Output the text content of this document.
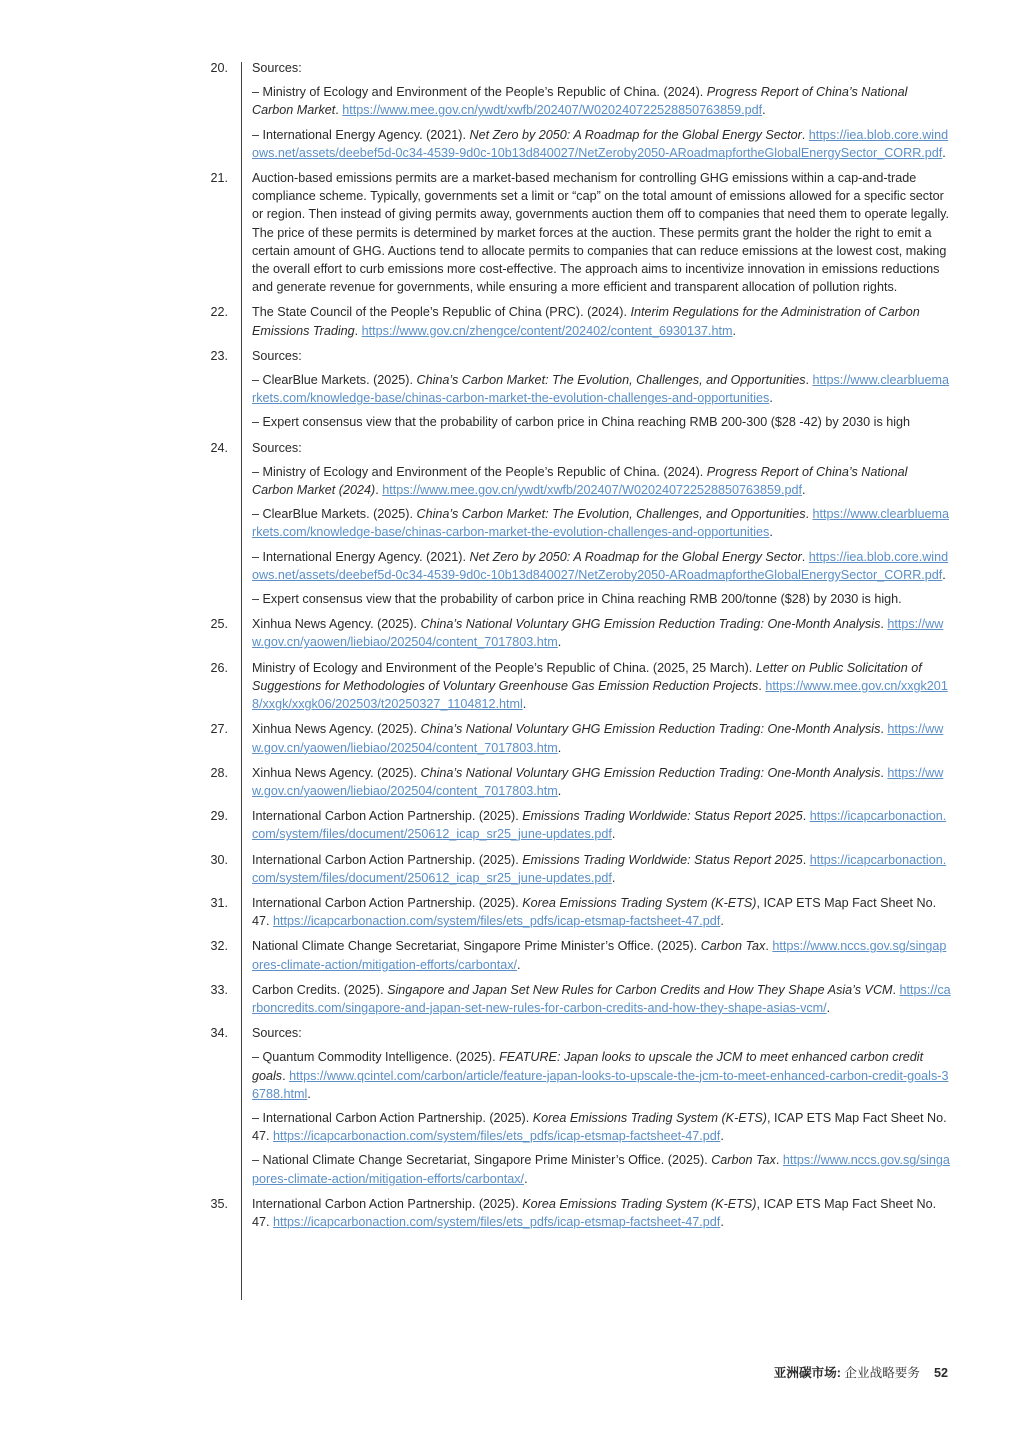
20. Sources:
– Ministry of Ecology and Environment of the People’s Republic of China. (2024). Progress Report of China’s National Carbon Market. https://www.mee.gov.cn/ywdt/xwfb/202407/W020240722528850763859.pdf.
– International Energy Agency. (2021). Net Zero by 2050: A Roadmap for the Global Energy Sector. https://iea.blob.core.windows.net/assets/deebef5d-0c34-4539-9d0c-10b13d840027/NetZeroby2050-ARoadmapfortheGlobalEnergySector_CORR.pdf.
21. Auction-based emissions permits are a market-based mechanism for controlling GHG emissions within a cap-and-trade compliance scheme. Typically, governments set a limit or “cap” on the total amount of emissions allowed for a specific sector or region. Then instead of giving permits away, governments auction them off to companies that need them to operate legally. The price of these permits is determined by market forces at the auction. These permits grant the holder the right to emit a certain amount of GHG. Auctions tend to allocate permits to companies that can reduce emissions at the lowest cost, making the overall effort to curb emissions more cost-effective. The approach aims to incentivize innovation in emissions reductions and generate revenue for governments, while ensuring a more efficient and transparent allocation of pollution rights.
22. The State Council of the People’s Republic of China (PRC). (2024). Interim Regulations for the Administration of Carbon Emissions Trading. https://www.gov.cn/zhengce/content/202402/content_6930137.htm.
23. Sources:
– ClearBlue Markets. (2025). China’s Carbon Market: The Evolution, Challenges, and Opportunities. https://www.clearbluemarkets.com/knowledge-base/chinas-carbon-market-the-evolution-challenges-and-opportunities.
– Expert consensus view that the probability of carbon price in China reaching RMB 200-300 ($28 -42) by 2030 is high
24. Sources:
– Ministry of Ecology and Environment of the People’s Republic of China. (2024). Progress Report of China’s National Carbon Market (2024). https://www.mee.gov.cn/ywdt/xwfb/202407/W020240722528850763859.pdf.
– ClearBlue Markets. (2025). China’s Carbon Market: The Evolution, Challenges, and Opportunities. https://www.clearbluemarkets.com/knowledge-base/chinas-carbon-market-the-evolution-challenges-and-opportunities.
– International Energy Agency. (2021). Net Zero by 2050: A Roadmap for the Global Energy Sector. https://iea.blob.core.windows.net/assets/deebef5d-0c34-4539-9d0c-10b13d840027/NetZeroby2050-ARoadmapfortheGlobalEnergySector_CORR.pdf.
– Expert consensus view that the probability of carbon price in China reaching RMB 200/tonne ($28) by 2030 is high.
25. Xinhua News Agency. (2025). China’s National Voluntary GHG Emission Reduction Trading: One-Month Analysis. https://www.gov.cn/yaowen/liebiao/202504/content_7017803.htm.
26. Ministry of Ecology and Environment of the People’s Republic of China. (2025, 25 March). Letter on Public Solicitation of Suggestions for Methodologies of Voluntary Greenhouse Gas Emission Reduction Projects. https://www.mee.gov.cn/xxgk2018/xxgk/xxgk06/202503/t20250327_1104812.html.
27. Xinhua News Agency. (2025). China’s National Voluntary GHG Emission Reduction Trading: One-Month Analysis. https://www.gov.cn/yaowen/liebiao/202504/content_7017803.htm.
28. Xinhua News Agency. (2025). China’s National Voluntary GHG Emission Reduction Trading: One-Month Analysis. https://www.gov.cn/yaowen/liebiao/202504/content_7017803.htm.
29. International Carbon Action Partnership. (2025). Emissions Trading Worldwide: Status Report 2025. https://icapcarbonaction.com/system/files/document/250612_icap_sr25_june-updates.pdf.
30. International Carbon Action Partnership. (2025). Emissions Trading Worldwide: Status Report 2025. https://icapcarbonaction.com/system/files/document/250612_icap_sr25_june-updates.pdf.
31. International Carbon Action Partnership. (2025). Korea Emissions Trading System (K-ETS), ICAP ETS Map Fact Sheet No. 47. https://icapcarbonaction.com/system/files/ets_pdfs/icap-etsmap-factsheet-47.pdf.
32. National Climate Change Secretariat, Singapore Prime Minister’s Office. (2025). Carbon Tax. https://www.nccs.gov.sg/singapores-climate-action/mitigation-efforts/carbontax/.
33. Carbon Credits. (2025). Singapore and Japan Set New Rules for Carbon Credits and How They Shape Asia’s VCM. https://carboncredits.com/singapore-and-japan-set-new-rules-for-carbon-credits-and-how-they-shape-asias-vcm/.
34. Sources:
– Quantum Commodity Intelligence. (2025). FEATURE: Japan looks to upscale the JCM to meet enhanced carbon credit goals. https://www.qcintel.com/carbon/article/feature-japan-looks-to-upscale-the-jcm-to-meet-enhanced-carbon-credit-goals-36788.html.
– International Carbon Action Partnership. (2025). Korea Emissions Trading System (K-ETS), ICAP ETS Map Fact Sheet No. 47. https://icapcarbonaction.com/system/files/ets_pdfs/icap-etsmap-factsheet-47.pdf.
– National Climate Change Secretariat, Singapore Prime Minister’s Office. (2025). Carbon Tax. https://www.nccs.gov.sg/singapores-climate-action/mitigation-efforts/carbontax/.
35. International Carbon Action Partnership. (2025). Korea Emissions Trading System (K-ETS), ICAP ETS Map Fact Sheet No. 47. https://icapcarbonaction.com/system/files/ets_pdfs/icap-etsmap-factsheet-47.pdf.
亚洲碳市场: 企业战略要务 52
